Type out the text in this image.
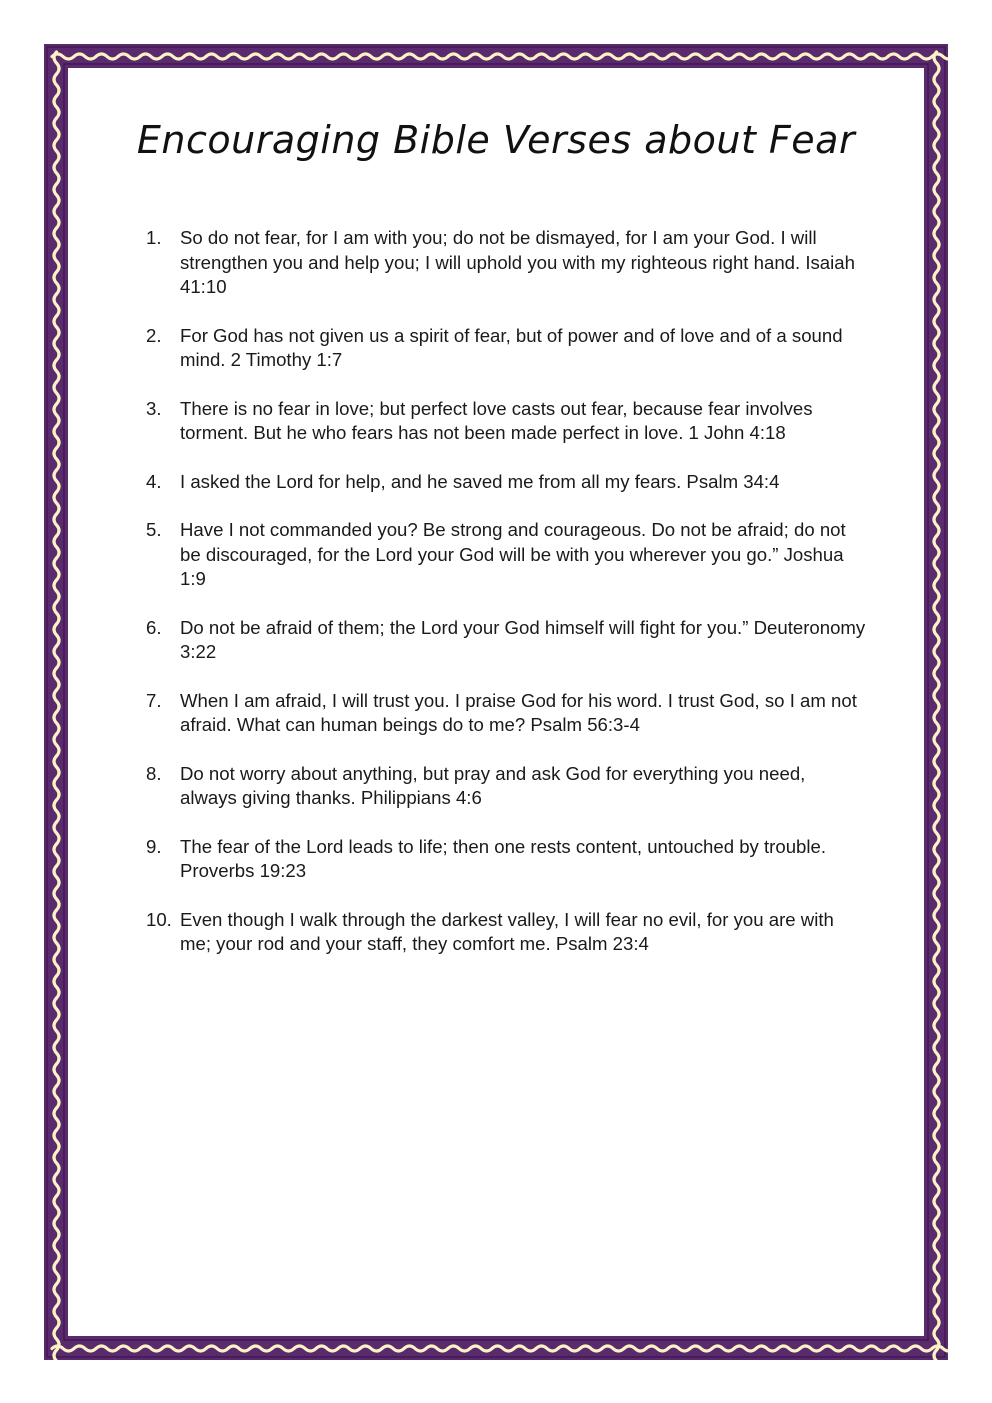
Encouraging Bible Verses about Fear
1. So do not fear, for I am with you; do not be dismayed, for I am your God. I will strengthen you and help you; I will uphold you with my righteous right hand. Isaiah 41:10
2. For God has not given us a spirit of fear, but of power and of love and of a sound mind. 2 Timothy 1:7
3. There is no fear in love; but perfect love casts out fear, because fear involves torment. But he who fears has not been made perfect in love. 1 John 4:18
4. I asked the Lord for help, and he saved me from all my fears. Psalm 34:4
5. Have I not commanded you? Be strong and courageous. Do not be afraid; do not be discouraged, for the Lord your God will be with you wherever you go.” Joshua 1:9
6. Do not be afraid of them; the Lord your God himself will fight for you.” Deuteronomy 3:22
7. When I am afraid, I will trust you. I praise God for his word. I trust God, so I am not afraid. What can human beings do to me? Psalm 56:3-4
8. Do not worry about anything, but pray and ask God for everything you need, always giving thanks. Philippians 4:6
9. The fear of the Lord leads to life; then one rests content, untouched by trouble. Proverbs 19:23
10. Even though I walk through the darkest valley, I will fear no evil, for you are with me; your rod and your staff, they comfort me. Psalm 23:4
